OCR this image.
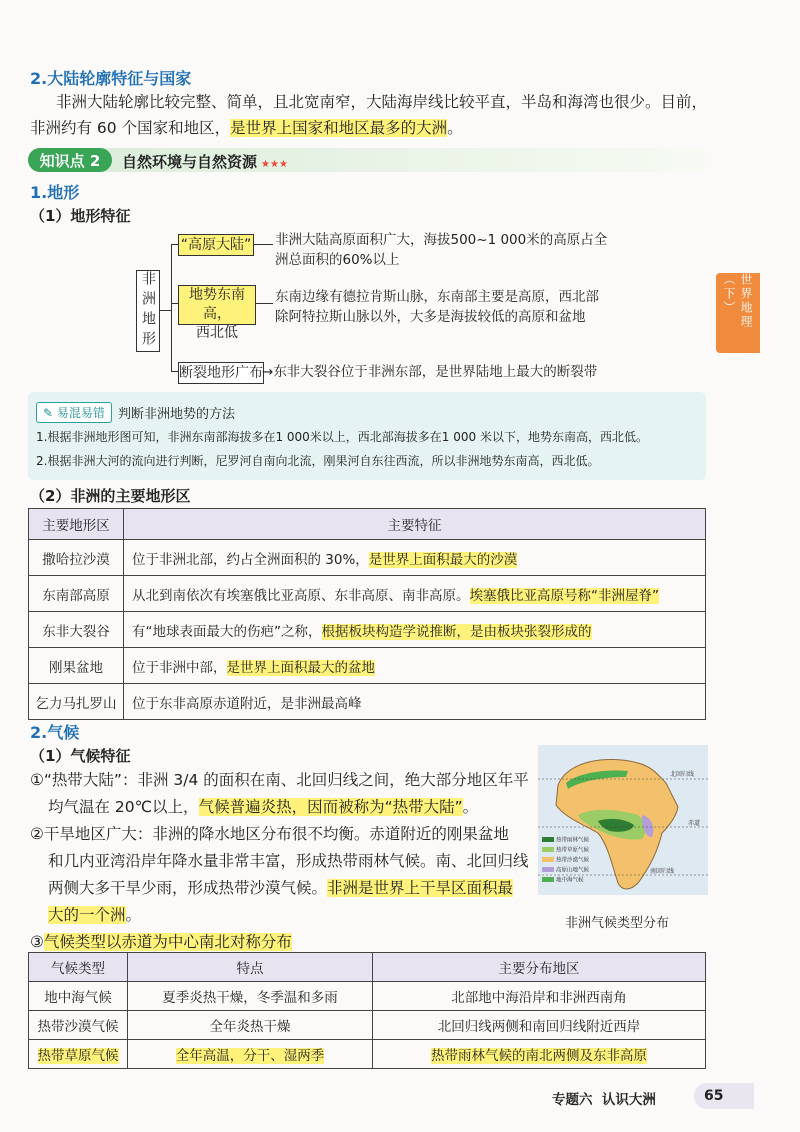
世界地理（下）
2.大陆轮廓特征与国家
非洲大陆轮廓比较完整、简单，且北宽南窄，大陆海岸线比较平直，半岛和海湾也很少。目前，
非洲约有 60 个国家和地区，是世界上国家和地区最多的大洲。
知识点 2	自然环境与自然资源 ★★★
1.地形
（1）地形特征
非洲地形
“高原大陆” 非洲大陆高原面积广大，海拔500~1 000米的高原占全
洲总面积的60%以上
地势东南高，
西北低
东南边缘有德拉肯斯山脉，东南部主要是高原，西北部
除阿特拉斯山脉以外，大多是海拔较低的高原和盆地
断裂地形广布 →东非大裂谷位于非洲东部，是世界陆地上最大的断裂带
✎ 易混易错	判断非洲地势的方法
1.根据非洲地形图可知，非洲东南部海拔多在1 000米以上，西北部海拔多在1 000 米以下，地势东南高，西北低。
2.根据非洲大河的流向进行判断，尼罗河自南向北流，刚果河自东往西流，所以非洲地势东南高，西北低。
（2）非洲的主要地形区
主要地形区	主要特征
撒哈拉沙漠	位于非洲北部，约占全洲面积的 30%，是世界上面积最大的沙漠
东南部高原	从北到南依次有埃塞俄比亚高原、东非高原、南非高原。埃塞俄比亚高原号称“非洲屋脊”
东非大裂谷	有“地球表面最大的伤疤”之称，根据板块构造学说推断，是由板块张裂形成的
刚果盆地	位于非洲中部，是世界上面积最大的盆地
乞力马扎罗山	位于东非高原赤道附近，是非洲最高峰
2.气候
（1）气候特征
①“热带大陆”：非洲 3/4 的面积在南、北回归线之间，绝大部分地区年平
均气温在 20℃以上，气候普遍炎热，因而被称为“热带大陆”。
②干旱地区广大：非洲的降水地区分布很不均衡。赤道附近的刚果盆地
和几内亚湾沿岸年降水量非常丰富，形成热带雨林气候。南、北回归线
两侧大多干旱少雨，形成热带沙漠气候。非洲是世界上干旱区面积最
大的一个洲。
③气候类型以赤道为中心南北对称分布
北回归线
赤道
南回归线
热带雨林气候
热带草原气候
热带沙漠气候
高原山地气候
地中海气候
非洲气候类型分布
气候类型	特点	主要分布地区
地中海气候	夏季炎热干燥，冬季温和多雨	北部地中海沿岸和非洲西南角
热带沙漠气候	全年炎热干燥	北回归线两侧和南回归线附近西岸
热带草原气候	全年高温，分干、湿两季	热带雨林气候的南北两侧及东非高原
专题六 认识大洲	65
